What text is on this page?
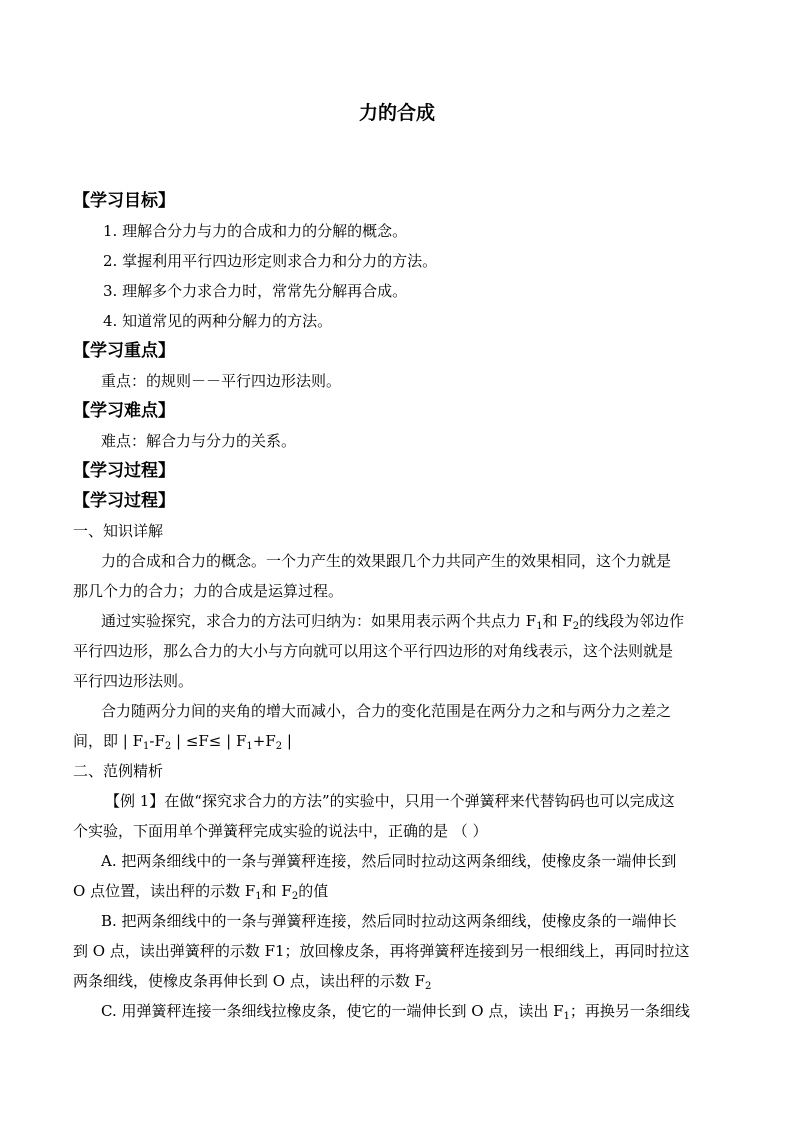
力的合成
【学习目标】
1. 理解合分力与力的合成和力的分解的概念。
2. 掌握利用平行四边形定则求合力和分力的方法。
3. 理解多个力求合力时，常常先分解再合成。
4. 知道常见的两种分解力的方法。
【学习重点】
重点：的规则－－平行四边形法则。
【学习难点】
难点：解合力与分力的关系。
【学习过程】
【学习过程】
一、知识详解
力的合成和合力的概念。一个力产生的效果跟几个力共同产生的效果相同，这个力就是
那几个力的合力；力的合成是运算过程。
通过实验探究，求合力的方法可归纳为：如果用表示两个共点力 $F_1$和 $F_2$的线段为邻边作
平行四边形，那么合力的大小与方向就可以用这个平行四边形的对角线表示，这个法则就是
平行四边形法则。
合力随两分力间的夹角的增大而减小，合力的变化范围是在两分力之和与两分力之差之
间，即 | $F_1-F_2$ | ≤F≤ | $F_1+F_2$ |
二、范例精析
【例 1】在做“探究求合力的方法”的实验中，只用一个弹簧秤来代替钩码也可以完成这
个实验，下面用单个弹簧秤完成实验的说法中，正确的是 （ ）
A. 把两条细线中的一条与弹簧秤连接，然后同时拉动这两条细线，使橡皮条一端伸长到
O 点位置，读出秤的示数 $F_1$和 $F_2$的值
B. 把两条细线中的一条与弹簧秤连接，然后同时拉动这两条细线，使橡皮条的一端伸长
到 O 点，读出弹簧秤的示数 F1；放回橡皮条，再将弹簧秤连接到另一根细线上，再同时拉这
两条细线，使橡皮条再伸长到 O 点，读出秤的示数 $F_2$
C. 用弹簧秤连接一条细线拉橡皮条，使它的一端伸长到 O 点，读出 $F_1$；再换另一条细线
